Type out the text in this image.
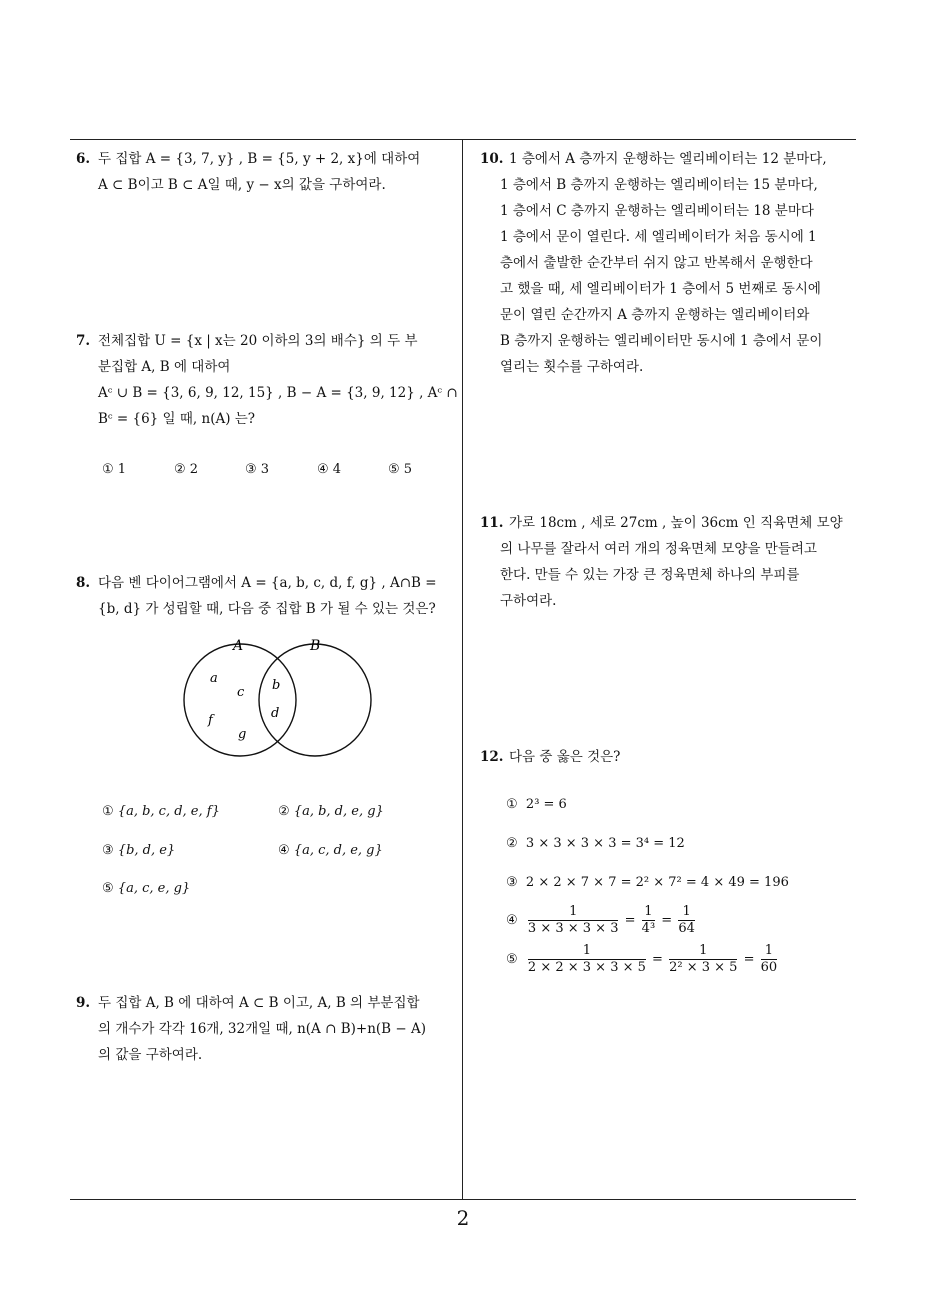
6. 두 집합 A = {3, 7, y} , B = {5, y + 2, x}에 대하여
A ⊂ B이고 B ⊂ A일 때, y − x의 값을 구하여라.
7. 전체집합 U = {x | x는 20 이하의 3의 배수} 의 두 부
분집합 A, B 에 대하여
Aᶜ ∪ B = {3, 6, 9, 12, 15} , B − A = {3, 9, 12} , Aᶜ ∩
Bᶜ = {6} 일 때, n(A) 는?
① 1	② 2	③ 3	④ 4	⑤ 5
8. 다음 벤 다이어그램에서 A = {a, b, c, d, f, g} , A∩B =
{b, d} 가 성립할 때, 다음 중 집합 B 가 될 수 있는 것은?
A	B
a
c
f
g
b
d
① {a, b, c, d, e, f}	② {a, b, d, e, g}
③ {b, d, e}	④ {a, c, d, e, g}
⑤ {a, c, e, g}
9. 두 집합 A, B 에 대하여 A ⊂ B 이고, A, B 의 부분집합
의 개수가 각각 16개, 32개일 때, n(A ∩ B)+n(B − A)
의 값을 구하여라.
10. 1 층에서 A 층까지 운행하는 엘리베이터는 12 분마다,
1 층에서 B 층까지 운행하는 엘리베이터는 15 분마다,
1 층에서 C 층까지 운행하는 엘리베이터는 18 분마다
1 층에서 문이 열린다. 세 엘리베이터가 처음 동시에 1
층에서 출발한 순간부터 쉬지 않고 반복해서 운행한다
고 했을 때, 세 엘리베이터가 1 층에서 5 번째로 동시에
문이 열린 순간까지 A 층까지 운행하는 엘리베이터와
B 층까지 운행하는 엘리베이터만 동시에 1 층에서 문이
열리는 횟수를 구하여라.
11. 가로 18cm , 세로 27cm , 높이 36cm 인 직육면체 모양
의 나무를 잘라서 여러 개의 정육면체 모양을 만들려고
한다. 만들 수 있는 가장 큰 정육면체 하나의 부피를
구하여라.
12. 다음 중 옳은 것은?
① 2³ = 6
② 3 × 3 × 3 × 3 = 3⁴ = 12
③ 2 × 2 × 7 × 7 = 2² × 7² = 4 × 49 = 196
④ $\frac{1}{3 \times 3 \times 3 \times 3} = \frac{1}{\text{4³}} = \frac{1}{64}$
⑤ $\frac{1}{2 \times 2 \times 3 \times 3 \times 5} = \frac{1}{\text{2² × 3 × 5}} = \frac{1}{60}$
2
